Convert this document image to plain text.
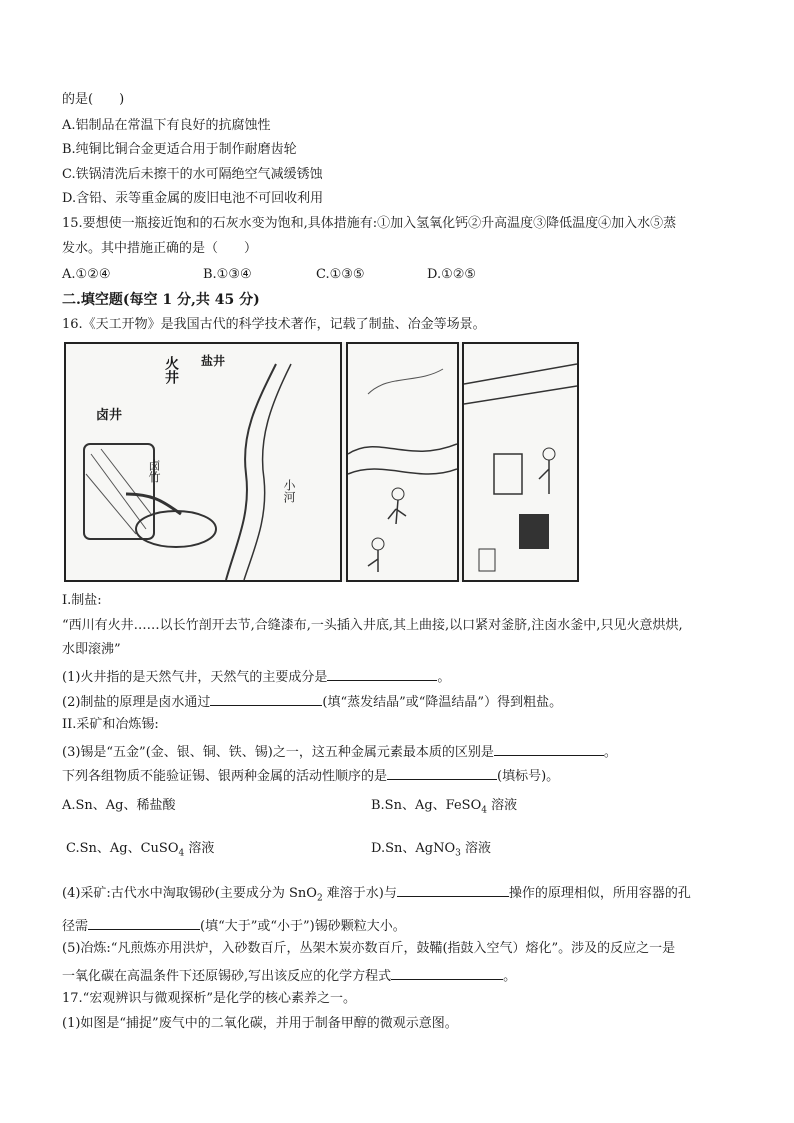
的是(　　)
A.铝制品在常温下有良好的抗腐蚀性
B.纯铜比铜合金更适合用于制作耐磨齿轮
C.铁锅清洗后未擦干的水可隔绝空气减缓锈蚀
D.含铅、汞等重金属的废旧电池不可回收利用
15.要想使一瓶接近饱和的石灰水变为饱和,具体措施有:①加入氢氧化钙②升高温度③降低温度④加入水⑤蒸
发水。其中措施正确的是（　　）
A.①②④	B.①③④	C.①③⑤	D.①②⑤
二.填空题(每空 1 分,共 45 分)
16.《天工开物》是我国古代的科学技术著作，记载了制盐、冶金等场景。
卤井
火井
小河
盐井
卤竹
I.制盐:
“西川有火井……以长竹剖开去节,合缝漆布,一头插入井底,其上曲接,以口紧对釜脐,注卤水釜中,只见火意烘烘,
水即滚沸”
(1)火井指的是天然气井，天然气的主要成分是	。
(2)制盐的原理是卤水通过	(填“蒸发结晶”或“降温结晶”）得到粗盐。
II.采矿和冶炼锡:
(3)锡是“五金”(金、银、铜、铁、锡)之一，这五种金属元素最本质的区别是	。
下列各组物质不能验证锡、银两种金属的活动性顺序的是	(填标号)。
A.Sn、Ag、稀盐酸	B.Sn、Ag、FeSO$_4$ 溶液
C.Sn、Ag、CuSO$_4$ 溶液	D.Sn、AgNO$_3$ 溶液
(4)采矿:古代水中淘取锡砂(主要成分为 SnO$_2$ 难溶于水)与	操作的原理相似，所用容器的孔
径需	(填“大于”或“小于”)锡砂颗粒大小。
(5)冶炼:“凡煎炼亦用洪炉，入砂数百斤，丛架木炭亦数百斤，鼓鞴(指鼓入空气）熔化”。涉及的反应之一是
一氧化碳在高温条件下还原锡砂,写出该反应的化学方程式	。
17.“宏观辨识与微观探析”是化学的核心素养之一。
(1)如图是“捕捉”废气中的二氧化碳，并用于制备甲醇的微观示意图。
